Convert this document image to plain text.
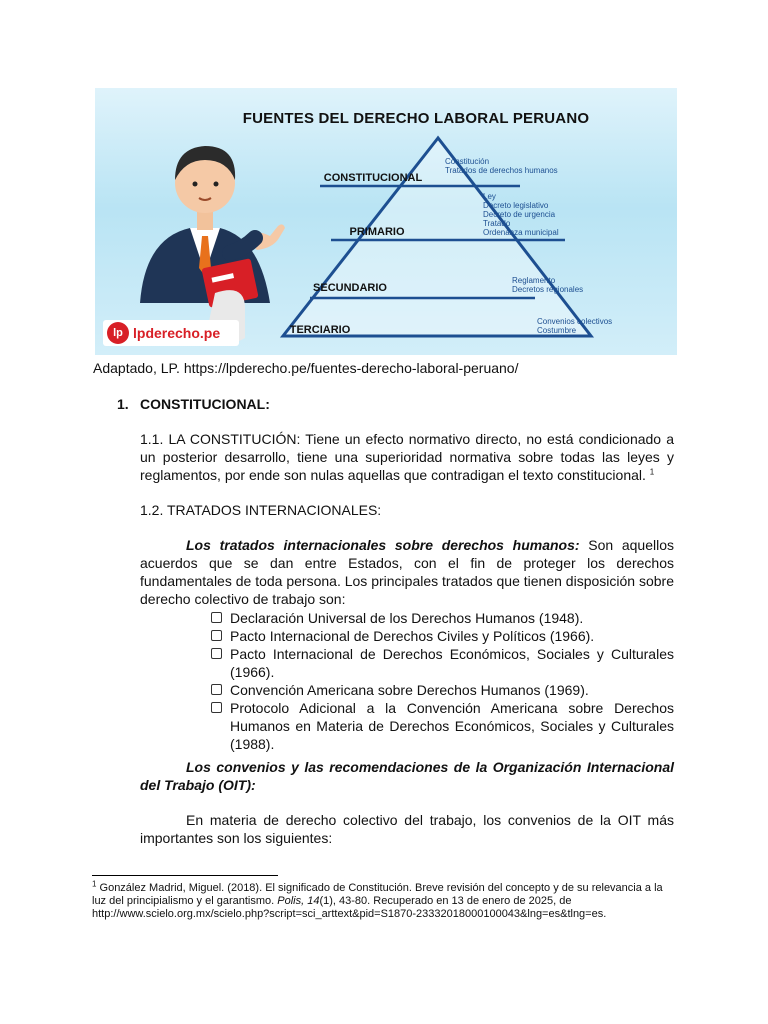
FUENTES DEL DERECHO LABORAL PERUANO
CONSTITUCIONAL
PRIMARIO
SECUNDARIO
TERCIARIO
Constitución
Tratados de derechos humanos
Ley
Decreto legislativo
Decreto de urgencia
Tratado
Ordenanza municipal
Reglamento
Decretos regionales
Convenios colectivos
Costumbre
lp lpderecho.pe
Adaptado, LP. https://lpderecho.pe/fuentes-derecho-laboral-peruano/
1. CONSTITUCIONAL:
1.1. LA CONSTITUCIÓN: Tiene un efecto normativo directo, no está condicionado a un posterior desarrollo, tiene una superioridad normativa sobre todas las leyes y reglamentos, por ende son nulas aquellas que contradigan el texto constitucional. $^1$
1.2. TRATADOS INTERNACIONALES:
Los tratados internacionales sobre derechos humanos: Son aquellos acuerdos que se dan entre Estados, con el fin de proteger los derechos fundamentales de toda persona. Los principales tratados que tienen disposición sobre derecho colectivo de trabajo son:
Declaración Universal de los Derechos Humanos (1948).
Pacto Internacional de Derechos Civiles y Políticos (1966).
Pacto Internacional de Derechos Económicos, Sociales y Culturales (1966).
Convención Americana sobre Derechos Humanos (1969).
Protocolo Adicional a la Convención Americana sobre Derechos Humanos en Materia de Derechos Económicos, Sociales y Culturales (1988).
Los convenios y las recomendaciones de la Organización Internacional del Trabajo (OIT):
En materia de derecho colectivo del trabajo, los convenios de la OIT más importantes son los siguientes:
$^1$ González Madrid, Miguel. (2018). El significado de Constitución. Breve revisión del concepto y de su relevancia a la luz del principialismo y el garantismo. Polis, 14(1), 43-80. Recuperado en 13 de enero de 2025, de http://www.scielo.org.mx/scielo.php?script=sci_arttext&pid=S1870-23332018000100043&lng=es&tlng=es.
